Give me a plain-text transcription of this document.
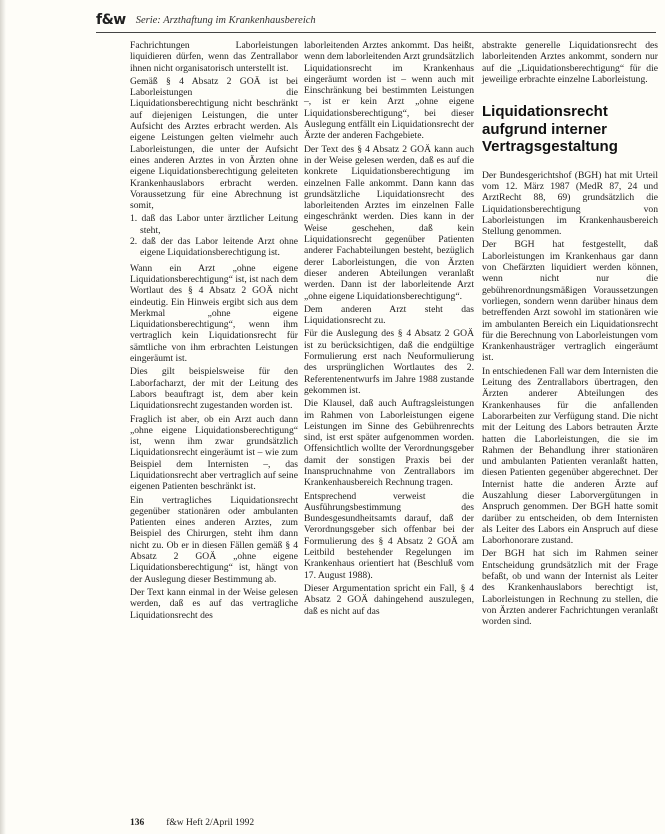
f&w Serie: Arzthaftung im Krankenhausbereich

Fachrichtungen Laborleistungen liquidieren dürfen, wenn das Zentrallabor ihnen nicht organisatorisch unterstellt ist.

Gemäß § 4 Absatz 2 GOÄ ist bei Laborleistungen die Liquidationsberechtigung nicht beschränkt auf diejenigen Leistungen, die unter Aufsicht des Arztes erbracht werden. Als eigene Leistungen gelten vielmehr auch Laborleistungen, die unter der Aufsicht eines anderen Arztes in von Ärzten ohne eigene Liquidationsberechtigung geleiteten Krankenhauslabors erbracht werden. Voraussetzung für eine Abrechnung ist somit,

1. daß das Labor unter ärztlicher Leitung steht,
2. daß der das Labor leitende Arzt ohne eigene Liquidationsberechtigung ist.

Wann ein Arzt „ohne eigene Liquidationsberechtigung“ ist, ist nach dem Wortlaut des § 4 Absatz 2 GOÄ nicht eindeutig. Ein Hinweis ergibt sich aus dem Merkmal „ohne eigene Liquidationsberechtigung“, wenn ihm vertraglich kein Liquidationsrecht für sämtliche von ihm erbrachten Leistungen eingeräumt ist.

Dies gilt beispielsweise für den Laborfacharzt, der mit der Leitung des Labors beauftragt ist, dem aber kein Liquidationsrecht zugestanden worden ist.

Fraglich ist aber, ob ein Arzt auch dann „ohne eigene Liquidationsberechtigung“ ist, wenn ihm zwar grundsätzlich Liquidationsrecht eingeräumt ist – wie zum Beispiel dem Internisten –, das Liquidationsrecht aber vertraglich auf seine eigenen Patienten beschränkt ist.

Ein vertragliches Liquidationsrecht gegenüber stationären oder ambulanten Patienten eines anderen Arztes, zum Beispiel des Chirurgen, steht ihm dann nicht zu. Ob er in diesen Fällen gemäß § 4 Absatz 2 GOÄ „ohne eigene Liquidationsberechtigung“ ist, hängt von der Auslegung dieser Bestimmung ab.

Der Text kann einmal in der Weise gelesen werden, daß es auf das vertragliche Liquidationsrecht des

laborleitenden Arztes ankommt. Das heißt, wenn dem laborleitenden Arzt grundsätzlich Liquidationsrecht im Krankenhaus eingeräumt worden ist – wenn auch mit Einschränkung bei bestimmten Leistungen –, ist er kein Arzt „ohne eigene Liquidationsberechtigung“, bei dieser Auslegung entfällt ein Liquidationsrecht der Ärzte der anderen Fachgebiete.

Der Text des § 4 Absatz 2 GOÄ kann auch in der Weise gelesen werden, daß es auf die konkrete Liquidationsberechtigung im einzelnen Falle ankommt. Dann kann das grundsätzliche Liquidationsrecht des laborleitenden Arztes im einzelnen Falle eingeschränkt werden. Dies kann in der Weise geschehen, daß kein Liquidationsrecht gegenüber Patienten anderer Fachabteilungen besteht, bezüglich derer Laborleistungen, die von Ärzten dieser anderen Abteilungen veranlaßt werden. Dann ist der laborleitende Arzt „ohne eigene Liquidationsberechtigung“.

Dem anderen Arzt steht das Liquidationsrecht zu.

Für die Auslegung des § 4 Absatz 2 GOÄ ist zu berücksichtigen, daß die endgültige Formulierung erst nach Neuformulierung des ursprünglichen Wortlautes des 2. Referentenentwurfs im Jahre 1988 zustande gekommen ist.

Die Klausel, daß auch Auftragsleistungen im Rahmen von Laborleistungen eigene Leistungen im Sinne des Gebührenrechts sind, ist erst später aufgenommen worden. Offensichtlich wollte der Verordnungsgeber damit der sonstigen Praxis bei der Inanspruchnahme von Zentrallabors im Krankenhausbereich Rechnung tragen.

Entsprechend verweist die Ausführungsbestimmung des Bundesgesundheitsamts darauf, daß der Verordnungsgeber sich offenbar bei der Formulierung des § 4 Absatz 2 GOÄ am Leitbild bestehender Regelungen im Krankenhaus orientiert hat (Beschluß vom 17. August 1988).

Dieser Argumentation spricht ein Fall, § 4 Absatz 2 GOÄ dahingehend auszulegen, daß es nicht auf das

abstrakte generelle Liquidationsrecht des laborleitenden Arztes ankommt, sondern nur auf die „Liquidationsberechtigung“ für die jeweilige erbrachte einzelne Laborleistung.

Liquidationsrecht aufgrund interner Vertragsgestaltung

Der Bundesgerichtshof (BGH) hat mit Urteil vom 12. März 1987 (MedR 87, 24 und ArztRecht 88, 69) grundsätzlich die Liquidationsberechtigung von Laborleistungen im Krankenhausbereich Stellung genommen.

Der BGH hat festgestellt, daß Laborleistungen im Krankenhaus gar dann von Chefärzten liquidiert werden können, wenn nicht nur die gebührenordnungsmäßigen Voraussetzungen vorliegen, sondern wenn darüber hinaus dem betreffenden Arzt sowohl im stationären wie im ambulanten Bereich ein Liquidationsrecht für die Berechnung von Laborleistungen vom Krankenhausträger vertraglich eingeräumt ist.

In entschiedenen Fall war dem Internisten die Leitung des Zentrallabors übertragen, den Ärzten anderer Abteilungen des Krankenhauses für die anfallenden Laborarbeiten zur Verfügung stand. Die nicht mit der Leitung des Labors betrauten Ärzte hatten die Laborleistungen, die sie im Rahmen der Behandlung ihrer stationären und ambulanten Patienten veranlaßt hatten, diesen Patienten gegenüber abgerechnet. Der Internist hatte die anderen Ärzte auf Auszahlung dieser Laborvergütungen in Anspruch genommen. Der BGH hatte somit darüber zu entscheiden, ob dem Internisten als Leiter des Labors ein Anspruch auf diese Laborhonorare zustand.

Der BGH hat sich im Rahmen seiner Entscheidung grundsätzlich mit der Frage befaßt, ob und wann der Internist als Leiter des Krankenhauslabors berechtigt ist, Laborleistungen in Rechnung zu stellen, die von Ärzten anderer Fachrichtungen veranlaßt worden sind.

136 f&w Heft 2/April 1992
